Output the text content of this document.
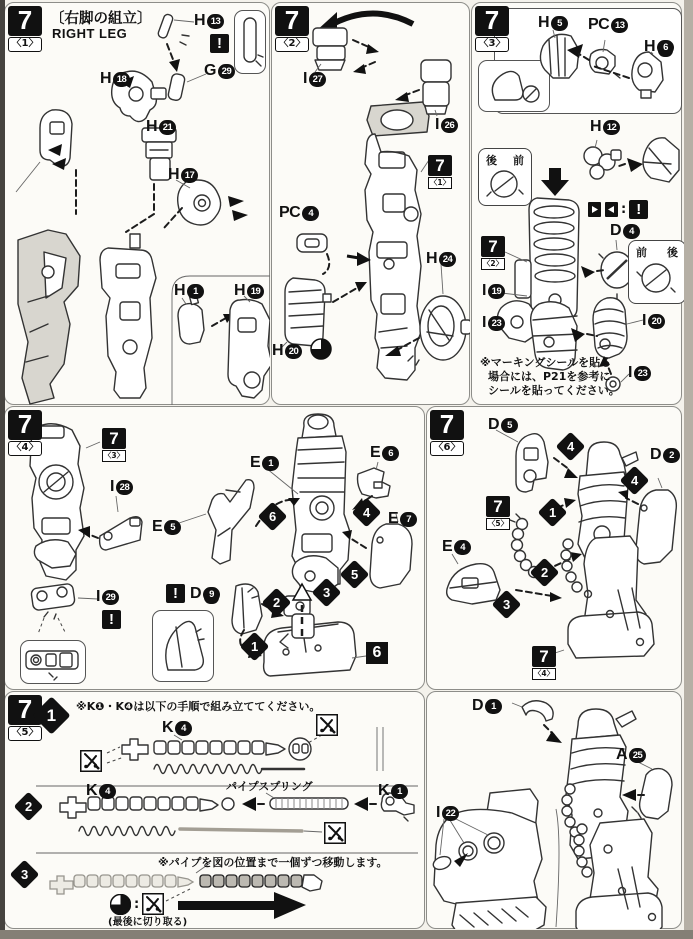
後 前
前 後
7
〈1〉
〔右脚の組立〕
RIGHT LEG	7
〈2〉
7
〈3〉
7
〈4〉
7
〈6〉
7
〈5〉
7
〈1〉
7
〈2〉
7
〈3〉
7
〈5〉
7
〈4〉
H 13
!
G 29
H 18
H 21
H 17
H 1	H 19
I 27
I 26
PC 4
H 24
H 20
H 5	PC 13
H 6
H 12
: !
D 4
I 19
I 23	I 20
I 23
※マーキングシールを貼る
場合には、P21を参考に
シールを貼ってください。
I 28
I 29
!
E 1
E 6
E 5	E 7
! D 9
6	4
5
2
3
1	6
D 5
4	D 2
4
1
E 4
2
3
1 ※K❶・K❹は以下の手順で組み立ててください。
K 4
2
K 4	パイプスプリング	K 1
3
※パイプを図の位置まで一個ずつ移動します。
:
(最後に切り取る)
D 1
A 25
I 22
